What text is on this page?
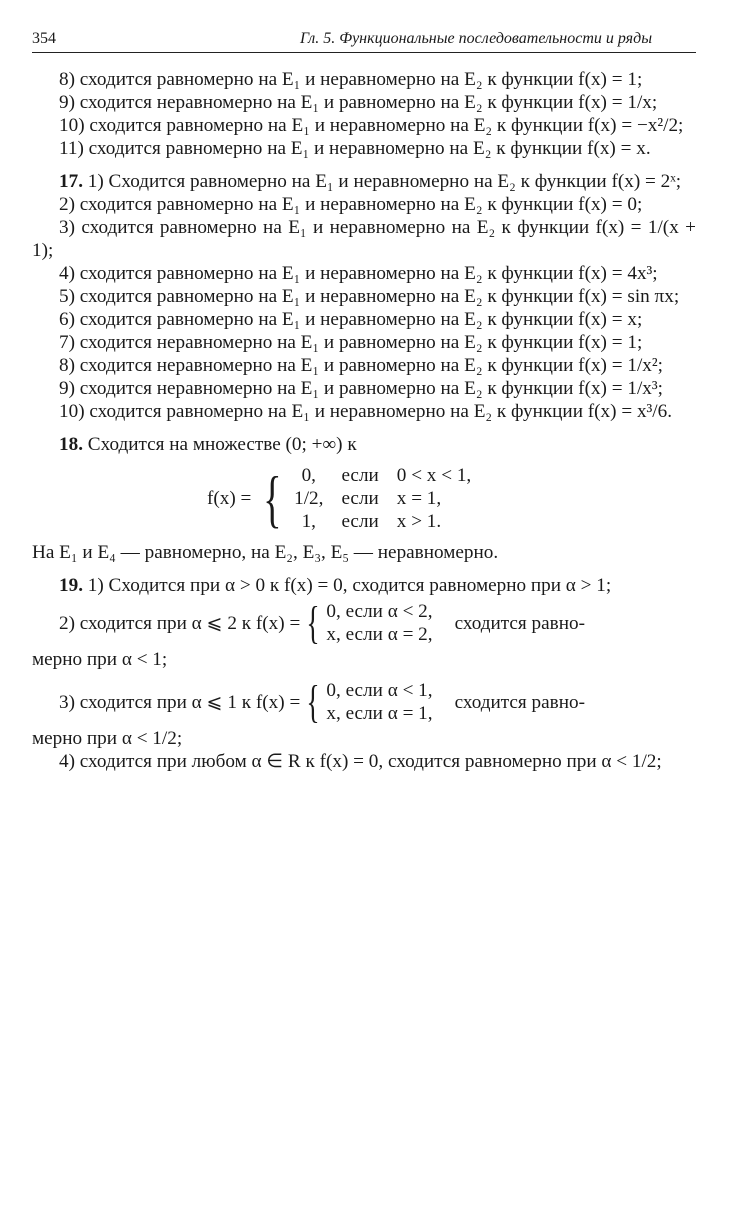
354	Гл. 5. Функциональные последовательности и ряды

8) сходится равномерно на E₁ и неравномерно на E₂ к функции f(x) = 1;

9) сходится неравномерно на E₁ и равномерно на E₂ к функции f(x) = 1/x;

10) сходится равномерно на E₁ и неравномерно на E₂ к функции f(x) = −x²/2;

11) сходится равномерно на E₁ и неравномерно на E₂ к функции f(x) = x.

17. 1) Сходится равномерно на E₁ и неравномерно на E₂ к функции f(x) = 2ˣ;

2) сходится равномерно на E₁ и неравномерно на E₂ к функции f(x) = 0;

3) сходится равномерно на E₁ и неравномерно на E₂ к функции f(x) = 1/(x + 1);

4) сходится равномерно на E₁ и неравномерно на E₂ к функции f(x) = 4x³;

5) сходится равномерно на E₁ и неравномерно на E₂ к функции f(x) = sin πx;

6) сходится равномерно на E₁ и неравномерно на E₂ к функции f(x) = x;

7) сходится неравномерно на E₁ и равномерно на E₂ к функции f(x) = 1;

8) сходится неравномерно на E₁ и равномерно на E₂ к функции f(x) = 1/x²;

9) сходится неравномерно на E₁ и равномерно на E₂ к функции f(x) = 1/x³;

10) сходится равномерно на E₁ и неравномерно на E₂ к функции f(x) = x³/6.

18. Сходится на множестве (0; +∞) к

f(x) = {	0,	если 0 < x < 1,
1/2, если x = 1,
1,	если x > 1.

На E₁ и E₄ — равномерно, на E₂, E₃, E₅ — неравномерно.

19. 1) Сходится при α > 0 к f(x) = 0, сходится равномерно при α > 1;

2) сходится при α ⩽ 2 к f(x) = { 0, если α < 2,
x, если α = 2,
сходится равно-

мерно при α < 1;

3) сходится при α ⩽ 1 к f(x) = { 0, если α < 1,
x, если α = 1,
сходится равно-

мерно при α < 1/2;

4) сходится при любом α ∈ R к f(x) = 0, сходится равномерно при α < 1/2;
